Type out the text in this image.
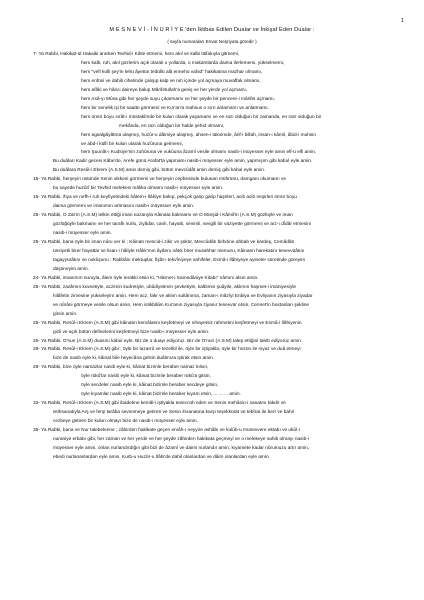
1
M E S N E V İ - İ N U R İ Y E 'den İktibas Edilen Dualar ve İnkişaf Eden Dualar :
( sayfa numaraları Envar Neşriyata göredir )
7- Ya Rabbi, Hakikat-ül Hakaiki ararken Tevhid-i Kible etmemi, hem akıl ve kalbi ittifakıyla gitmemi,
hem kalb, ruh, akıl gözlerim açık olarak o yollarda, o makamlarda daima ilerlememi, yükselmemi,
hem "vefl külli şey'in lehü âyetün tedüllü alâ ennehü vahid" hakikatına mazhar olmamı,
hem enfüsi ve dahili cihetinde çalışıp kalp ve ruh içinde yol açmaya muvaffak olmamı,
hem afâki ve hârici daireye bakıp Mârifetullah'a geniş ve her yerde yol açmamı,
hem Asâ-yı Mûsa gibi her şeyde suyu çıkarmamı ve her şeyde bir pencere-i mârifet açmamı,
hem bir senelik işi bir saatte görmemi ve Kur'an'a mahsus o sırrı anlamamı ve anlatmamı,
hem ömür boyu sırât-ı müstakîmde bir kulun olarak yaşamamı ve en razı olduğun bir zamanda, en razı olduğun bir
mekânda, en razı olduğun bir halde şehid olmamı,
hem agsalgâyâtma ulaşmış, huzûr-u dâimiye ulaşmış, ahsen-i takvimde, ârif-i billah, insan-ı kâmil, âbid-i muhsin
ve abd-i küllî bir kulun olarak huzûruna gelmemi,
hem Şuunât-ı Kudsiye'nin zuhûruna ve vukûuna âzamî vesile olmamı nasib-i müyesser eyle amin elf-ü elfi amin.
Bu duâları Kadir gecesi Kâbe'de, Arefe günü Arafat'ta yapmamı nasib-i müyesser eyle amin, yapmışım gibi kabul eyle amin.
Bu duâlara Resûl-i Ekrem (A.S.M) amin demiş gibi, bütün mevcûdât amin demiş gibi kabul eyle amin.
15- Ya Rabbi, herşeyin üstünde Senin sikkeni görmemi ve herşeyin cephesinde bulunan mührünü, damganı okumamı ve
bu sayede huzûrî bir Tevhid melekesi mâlikü olmamı nasib-i müyesser eyle amin.
15- Ya Rabbi, ihya ve nefh-i ruh keyfiyetindeki hâtem-i İlâhiye bakıp, pekçok garip garip haşirleri, acib acib neşirleri ömür boyu
daima görmemi ve imanımın artmasını nasib-i müyesser eyle amin.
25- Ya Rabbi, O Zat'ın (A.S.M) telkin ettiği iman nazarıyla Kâinata bakmamı ve O Mürşid-i Kâmil'in (A.S.M) gözlüyle ve iman
gözlüğüyle bakmamı ve her taraflı nurlu, ziyâdar, canlı, hayatlı, sevimli, sevgili bir vaziyette görmemi ve arz-ı dîdâr etmesini
nasib-i müyesser eyle amin.
25- Ya Rabbi, bana öyle bir iman nûru ver ki ; Kâinatı mescid-i zikir ve şükür, Mevcûdâtı birbirine ahbab ve kardeş, Cemâdâtı
ünsiyetli birer hayattar ve lisan-ı hâliyle Hâlık'ının âyâtını nâtık birer musahhar memuru, Kâinatın harekatını tenevvüâtını
tagayyürâtını ve nukûşunu ; Rabbâni mektuplar, İlşât-ı tekvîniyeye sahifeler, Esmâ-i İlâhiyeye ayineler süretinde göreyim
düşüneyim amin.
24- Ya Rabbi, imanımın nuruyla, âlem öyle terakki etsin ki, "Hikmet-i Samedâniye Kitabı" nâmını alsın amin.
25- Ya Rabbi, zaafımın kuvvetiyle, aczimin kudretiyle, ubûdiyetimin şevketiyle, kalbimin şuâyile, aklımın haşmet-i imaniyesiyle
hilâfetin zirvesine yükseleyim amin. Hem acz, fakr ve aklım sultânıma, zaman-ı mâzîyi Enbiya ve Evliyanın ziyasıyla ziyadar
ve nûrâni görmeye vesile olsun amin. Hem istikbâlim Kur'anın ziyasıyla ziyanır tenevvür etsin, Cennet'in bostanları şekline
girsin amin.
25- Ya Rabbi, Resûl-i Ekrem (A.S.M) gibi kâinatın kemâlatını keşfetmeyi ve nihayetsiz rahmetini keşfetmeyi ve Esmâ-i İlâhiyenin
gizli ve açık bütün defineleri̇ni keşfetmeyi bize nasib-i müyesser eyle amin.
26- Ya Rabbi, O'nun (A.S.M) duasını kabul eyle. Biz de o duayı ediyoruz. Biz de O'nun (A.S.M) talep ettiğini taleb ediyoruz amin.
28- Ya Rabbi, Resûl-i Ekrem (A.S.M) gibi ; öyle bir tazarrû ve tezellül ile, öyle bir iştiyakla, öyle bir hüzün ile niyaz ve duâ etmeyi
bize de nasib eyle ki, kâinat bile heyecâna gelsin duâlmıza iştirak etsin amin.
28- Ya Rabbi, bize öyle namazlar nasib eyle ki, kâinat bizimle beraber namaz kılsın,
öyle rükû'lar nasib eyle ki, kâinat bizimle beraber rükû'a gitsin,
öyle secdeler nasib eyle ki, kâinat bizimle beraber secdeye gitsin,
öyle kıyamlar nasib eyle ki, kâinat bizimle beraber kıyam etsin, ... ... ... amin.
32- Ya Rabbi, Resûl-i Ekrem (A.S.M) gibi ibadetine kemâl-i iştiyakla teveccüh eden ve Senin mehâsin-i sanatını takdir ve
istihsanatıyla Arş ve ferşi tarâba sevimmeye getiren ve Senin ihsanatına karşı teşekkürat ve tebîrat ile berr ve bahri
cezbeye getiren bir kulun olmayı bize de nasib-i müyesser eyle amin.
35- Ya Rabbi, bana ve Nur talebelerine ; zâhirden hakikate geçen ervâh-ı neyyire ashâbı ve kulûb-u münevvere ektabı ve ukûl-i
nuraniye erbabı gibi, her zaman ve her yerde ve her şeyde zâhirden hakikata geçmeyi ve o melekeye sahib olmayı nasib-i
müyesser eyle amin, onlan nurlandırdığın gibi bizi de âzamî ve daimi nurlandır amin, kıyamete kadar nûrumuzu artır amin,
ebedi nurlananlardan eyle amin, Kurb-u Huzûr-u İlâhi'de dahil olanlardan ve dâim olanlardan eyle amin.
